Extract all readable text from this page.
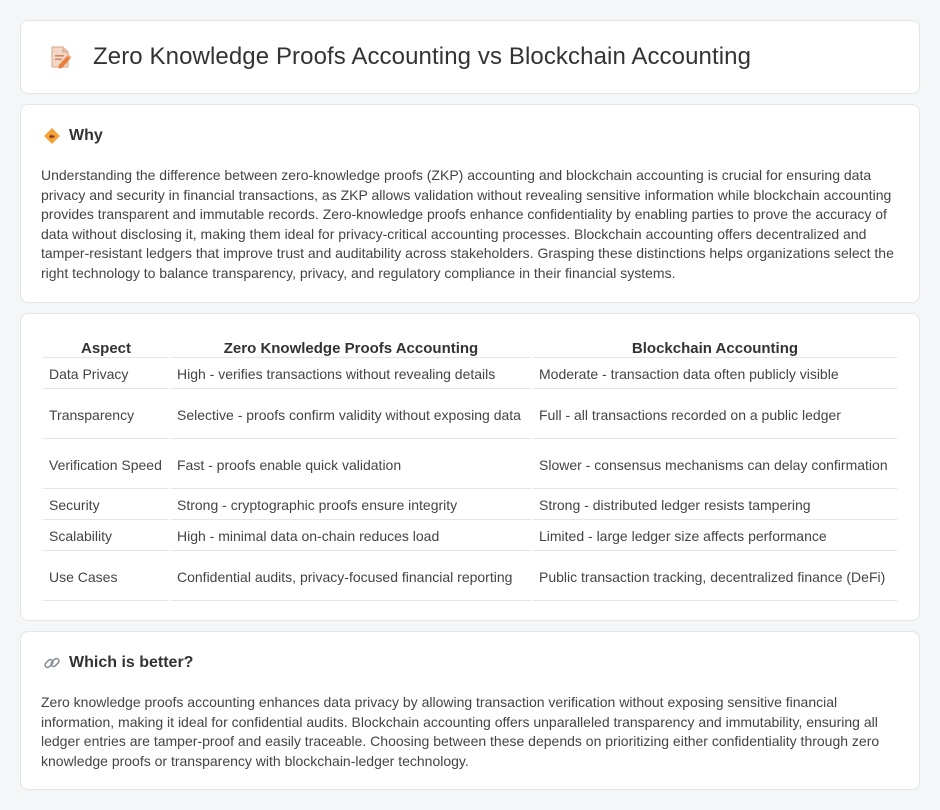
Zero Knowledge Proofs Accounting vs Blockchain Accounting
Why

Understanding the difference between zero-knowledge proofs (ZKP) accounting and blockchain accounting is crucial for ensuring data privacy and security in financial transactions, as ZKP allows validation without revealing sensitive information while blockchain accounting provides transparent and immutable records. Zero-knowledge proofs enhance confidentiality by enabling parties to prove the accuracy of data without disclosing it, making them ideal for privacy-critical accounting processes. Blockchain accounting offers decentralized and tamper-resistant ledgers that improve trust and auditability across stakeholders. Grasping these distinctions helps organizations select the right technology to balance transparency, privacy, and regulatory compliance in their financial systems.

Aspect	Zero Knowledge Proofs Accounting	Blockchain Accounting
Data Privacy	High - verifies transactions without revealing details	Moderate - transaction data often publicly visible
Transparency	Selective - proofs confirm validity without exposing data	Full - all transactions recorded on a public ledger
Verification Speed	Fast - proofs enable quick validation	Slower - consensus mechanisms can delay confirmation
Security	Strong - cryptographic proofs ensure integrity	Strong - distributed ledger resists tampering
Scalability	High - minimal data on-chain reduces load	Limited - large ledger size affects performance
Use Cases	Confidential audits, privacy-focused financial reporting	Public transaction tracking, decentralized finance (DeFi)
Which is better?

Zero knowledge proofs accounting enhances data privacy by allowing transaction verification without exposing sensitive financial information, making it ideal for confidential audits. Blockchain accounting offers unparalleled transparency and immutability, ensuring all ledger entries are tamper-proof and easily traceable. Choosing between these depends on prioritizing either confidentiality through zero knowledge proofs or transparency with blockchain-ledger technology.
